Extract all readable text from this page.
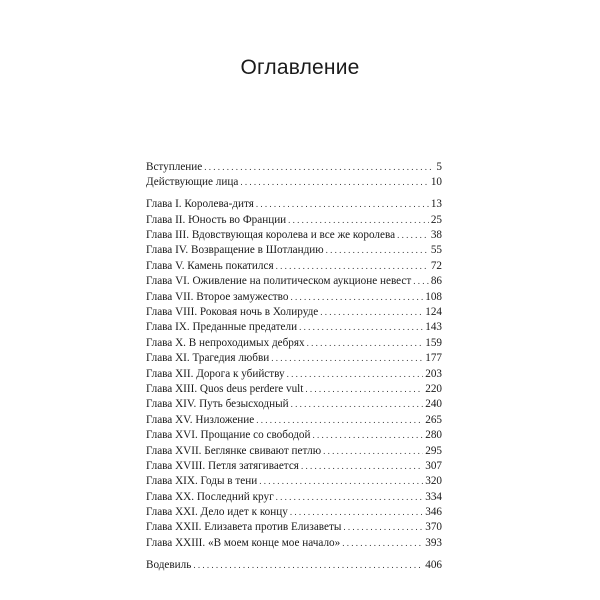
Оглавление
Вступление . . .	5
Действующие лица . . .	10
Глава I. Королева-дитя . . .	13
Глава II. Юность во Франции . . .	25
Глава III. Вдовствующая королева и все же королева . . .	38
Глава IV. Возвращение в Шотландию . . .	55
Глава V. Камень покатился . . .	72
Глава VI. Оживление на политическом аукционе невест . . . 86
Глава VII. Второе замужество . . .	108
Глава VIII. Роковая ночь в Холируде . . .	124
Глава IX. Преданные предатели . . .	143
Глава X. В непроходимых дебрях . . .	159
Глава XI. Трагедия любви . . .	177
Глава XII. Дорога к убийству . . .	203
Глава XIII. Quos deus perdere vult . . .	220
Глава XIV. Путь безысходный . . .	240
Глава XV. Низложение . . .	265
Глава XVI. Прощание со свободой . . .	280
Глава XVII. Беглянке свивают петлю . . .	295
Глава XVIII. Петля затягивается . . .	307
Глава XIX. Годы в тени . . .	320
Глава XX. Последний круг . . .	334
Глава XXI. Дело идет к концу . . .	346
Глава XXII. Елизавета против Елизаветы . . .	370
Глава XXIII. «В моем конце мое начало» . . .	393
Водевиль . . .	406
